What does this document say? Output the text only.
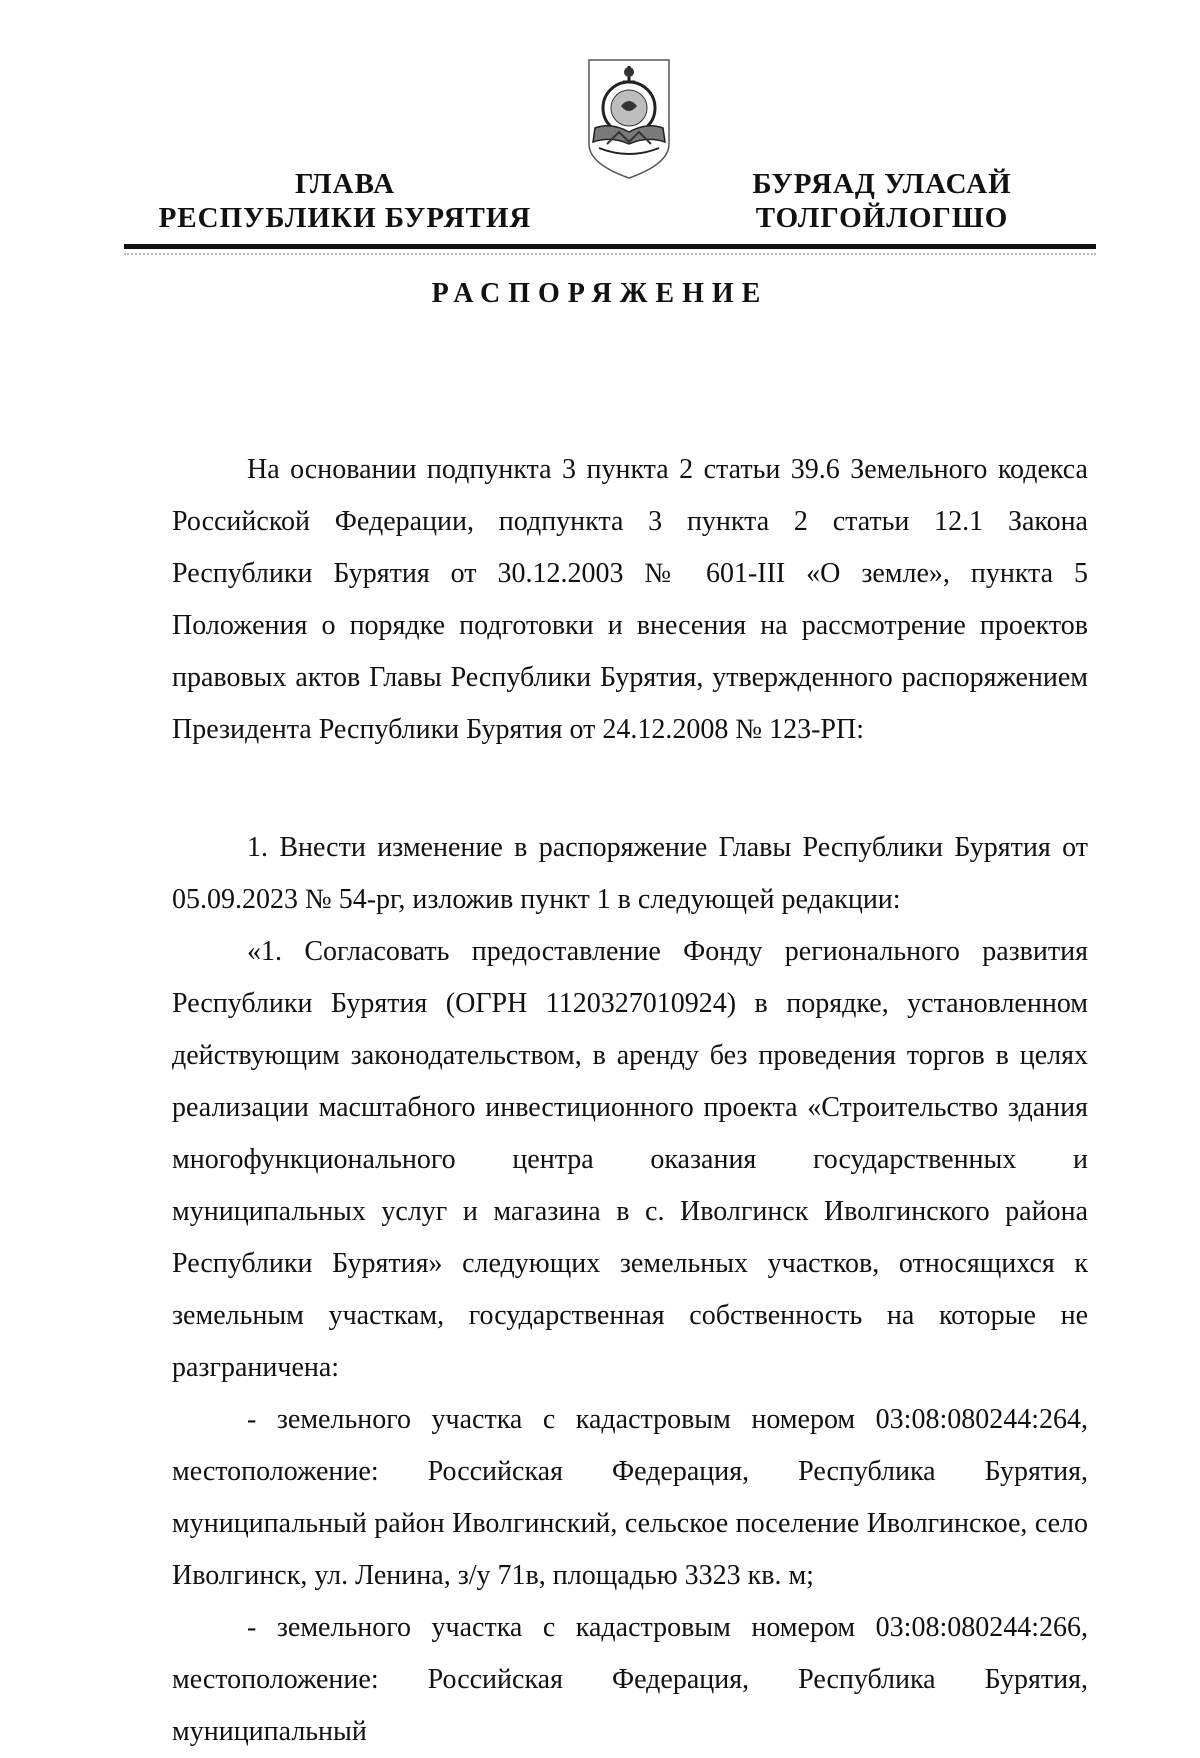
ГЛАВА
РЕСПУБЛИКИ БУРЯТИЯ
БУРЯАД УЛАСАЙ
ТОЛГОЙЛОГШО
РАСПОРЯЖЕНИЕ

На основании подпункта 3 пункта 2 статьи 39.6 Земельного кодекса Российской Федерации, подпункта 3 пункта 2 статьи 12.1 Закона Республики Бурятия от 30.12.2003 № 601-III «О земле», пункта 5 Положения о порядке подготовки и внесения на рассмотрение проектов правовых актов Главы Республики Бурятия, утвержденного распоряжением Президента Республики Бурятия от 24.12.2008 № 123-РП:

1. Внести изменение в распоряжение Главы Республики Бурятия от 05.09.2023 № 54-рг, изложив пункт 1 в следующей редакции:

«1. Согласовать предоставление Фонду регионального развития Республики Бурятия (ОГРН 1120327010924) в порядке, установленном действующим законодательством, в аренду без проведения торгов в целях реализации масштабного инвестиционного проекта «Строительство здания многофункционального центра оказания государственных и муниципальных услуг и магазина в с. Иволгинск Иволгинского района Республики Бурятия» следующих земельных участков, относящихся к земельным участкам, государственная собственность на которые не разграничена:

- земельного участка с кадастровым номером 03:08:080244:264, местоположение: Российская Федерация, Республика Бурятия, муниципальный район Иволгинский, сельское поселение Иволгинское, село Иволгинск, ул. Ленина, з/у 71в, площадью 3323 кв. м;

- земельного участка с кадастровым номером 03:08:080244:266, местоположение: Российская Федерация, Республика Бурятия, муниципальный
